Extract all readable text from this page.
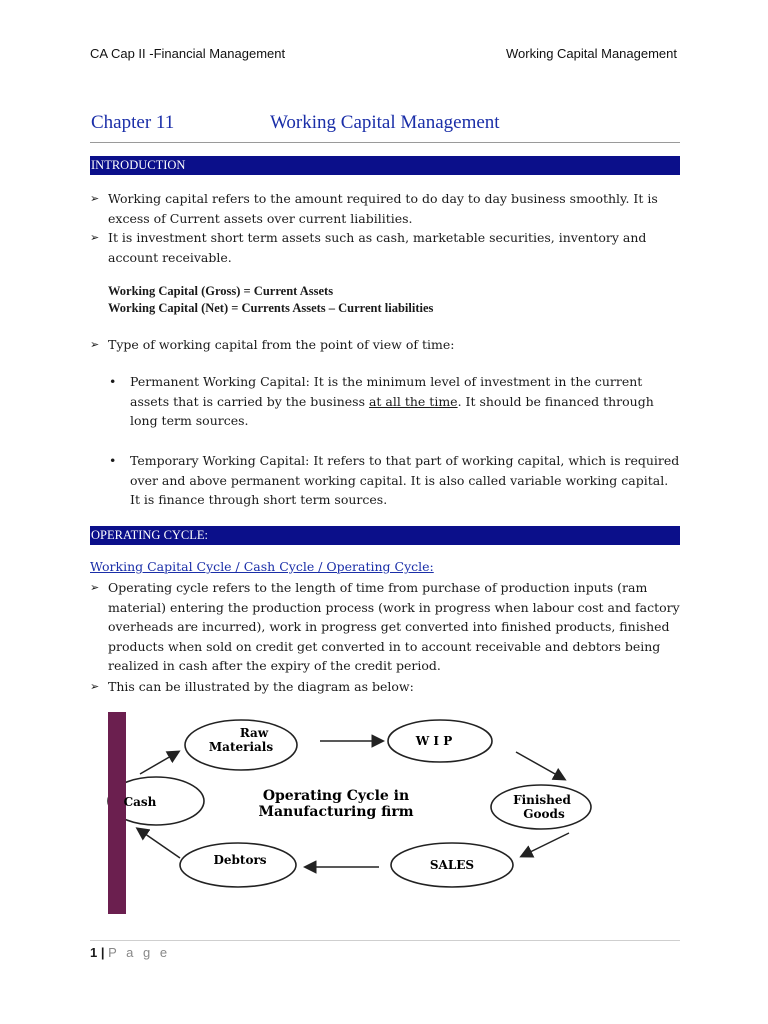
CA Cap II -Financial Management	Working Capital Management
Chapter 11	Working Capital Management
INTRODUCTION
➢ Working capital refers to the amount required to do day to day business smoothly. It is excess of Current assets over current liabilities.
➢ It is investment short term assets such as cash, marketable securities, inventory and account receivable.
Working Capital (Gross) = Current Assets
Working Capital (Net) = Currents Assets – Current liabilities
➢ Type of working capital from the point of view of time:
• Permanent Working Capital: It is the minimum level of investment in the current assets that is carried by the business at all the time. It should be financed through long term sources.
• Temporary Working Capital: It refers to that part of working capital, which is required over and above permanent working capital. It is also called variable working capital. It is finance through short term sources.
OPERATING CYCLE:
Working Capital Cycle / Cash Cycle / Operating Cycle:
➢ Operating cycle refers to the length of time from purchase of production inputs (ram material) entering the production process (work in progress when labour cost and factory overheads are incurred), work in progress get converted into finished products, finished products when sold on credit get converted in to account receivable and debtors being realized in cash after the expiry of the credit period.
➢ This can be illustrated by the diagram as below:
Raw
Materials	W I P
Finished
Goods
SALES
Debtors
Cash	Operating Cycle in
Manufacturing firm
1 | P a g e
